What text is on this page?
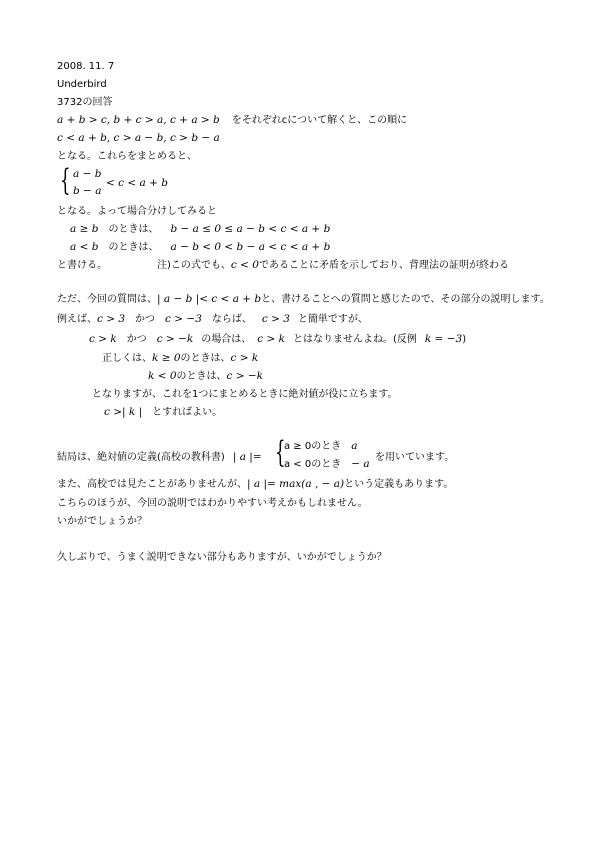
2008. 11. 7
Underbird
3732の回答
a + b > c, b + c > a, c + a > b をそれぞれcについて解くと、この順に
c < a + b, c > a − b, c > b − a
となる。これらをまとめると、
{ a − b
b − a
< c < a + b
となる。よって場合分けしてみると
a ≥ b のときは、 b − a ≤ 0 ≤ a − b < c < a + b
a < b のときは、 a − b < 0 < b − a < c < a + b
と書ける。	注)この式でも、c < 0であることに矛盾を示しており、背理法の証明が終わる
ただ、今回の質問は、| a − b |< c < a + bと、書けることへの質問と感じたので、その部分の説明します。
例えば、c > 3 かつ c > −3 ならば、 c > 3 と簡単ですが、
c > k かつ c > −k の場合は、 c > k とはなりませんよね。(反例 k = −3)
正しくは、k ≥ 0のときは、c > k
k < 0のときは、c > −k
となりますが、これを1つにまとめるときに絶対値が役に立ちます。
c >| k | とすればよい。
結局は、絶対値の定義(高校の教科書) | a |= {
a ≥ 0のとき a
a < 0のとき − a
を用いています。
また、高校では見たことがありませんが、| a |= max(a , − a)という定義もあります。
こちらのほうが、今回の説明ではわかりやすい考えかもしれません。
いかがでしょうか？
久しぶりで、うまく説明できない部分もありますが、いかがでしょうか？
